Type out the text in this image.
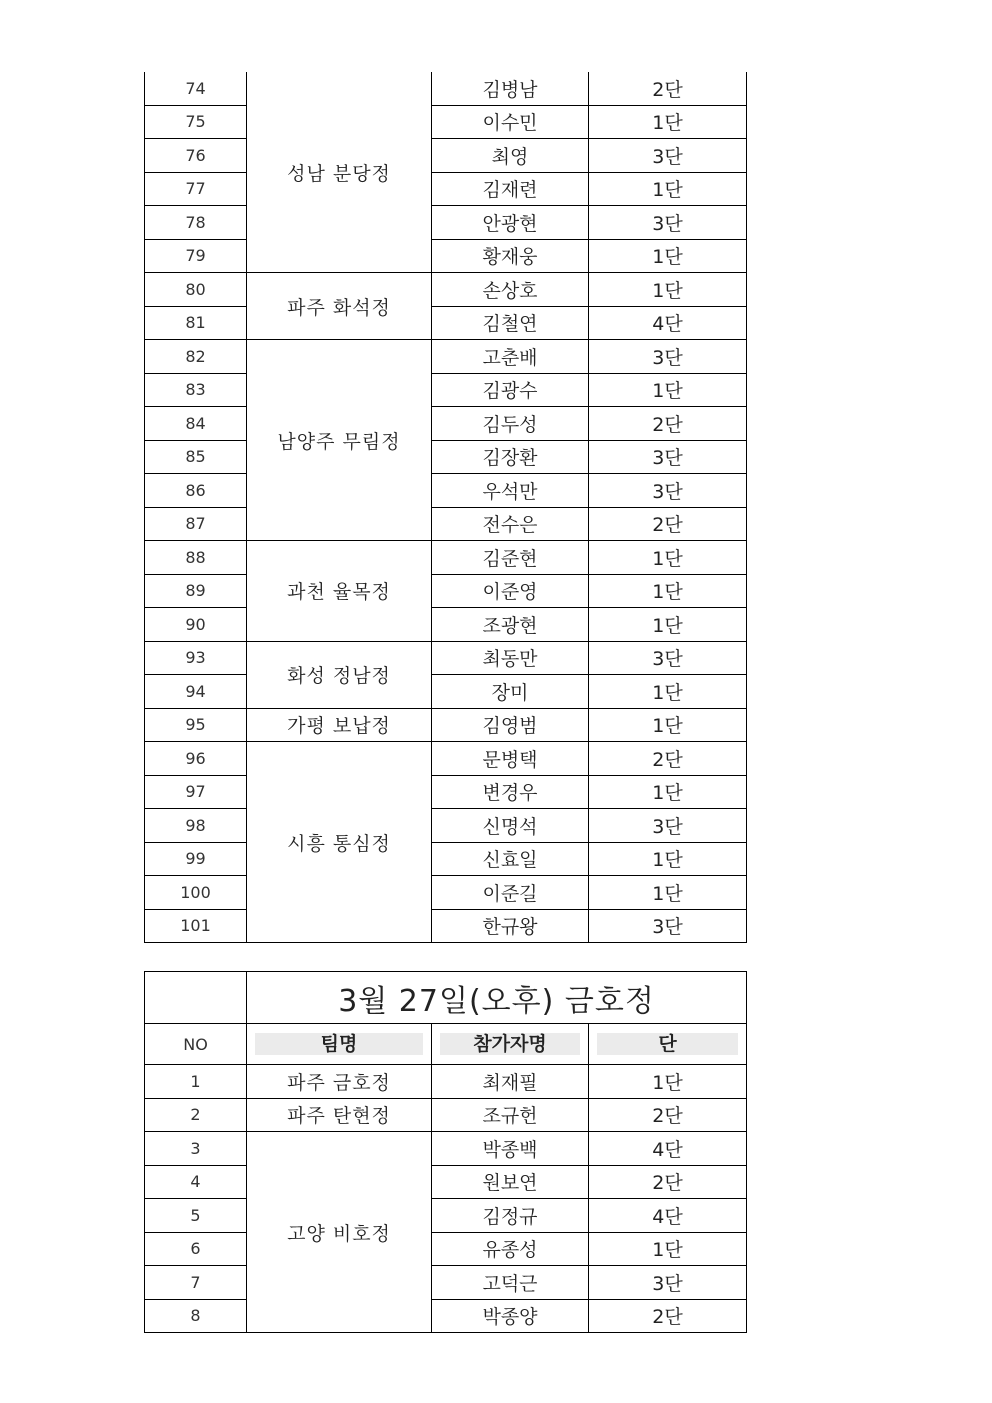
74	성남 분당정	김병남	2단
75		이수민	1단
76		최영	3단
77		김재련	1단
78		안광현	3단
79		황재웅	1단
80	파주 화석정	손상호	1단
81		김철연	4단
82	남양주 무림정	고춘배	3단
83		김광수	1단
84		김두성	2단
85		김장환	3단
86		우석만	3단
87		전수은	2단
88	과천 율목정	김준현	1단
89		이준영	1단
90		조광현	1단
93	화성 정남정	최동만	3단
94		장미	1단
95	가평 보납정	김영범	1단
96	시흥 통심정	문병택	2단
97		변경우	1단
98		신명석	3단
99		신효일	1단
100		이준길	1단
101		한규왕	3단
	3월 27일(오후) 금호정		
NO	팀명	참가자명	단

1	파주 금호정	최재필	1단
2	파주 탄현정	조규헌	2단
3	고양 비호정	박종백	4단
4		원보연	2단
5		김정규	4단
6		유종성	1단
7		고덕근	3단
8		박종양	2단
